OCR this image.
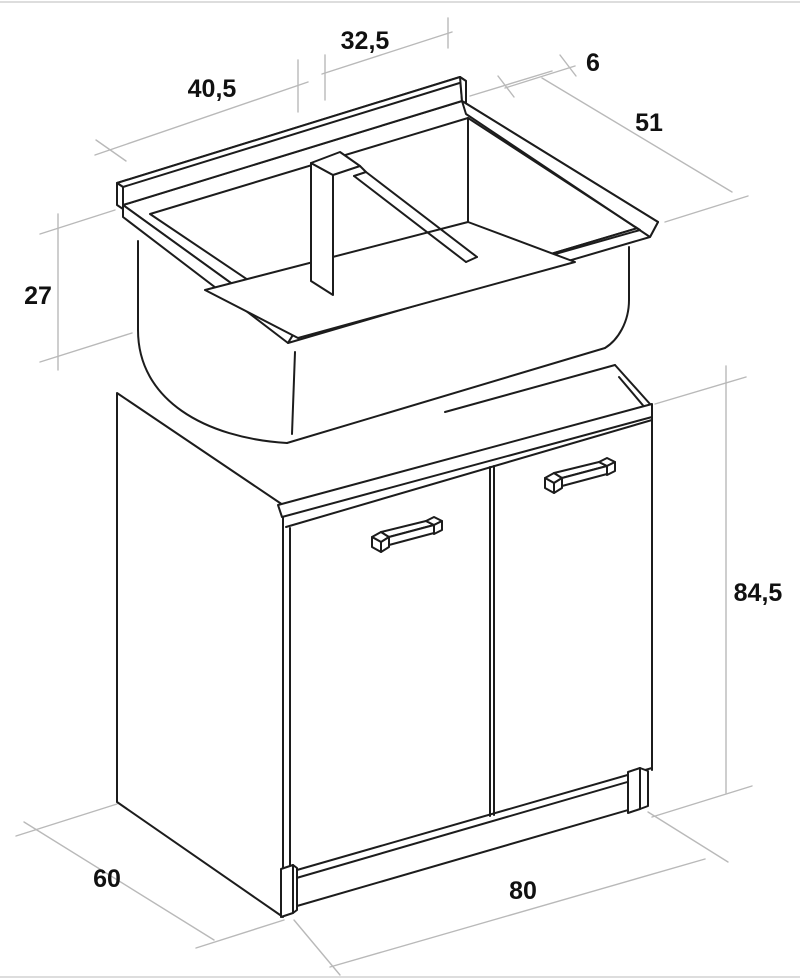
40,5
32,5
6
51
27
84,5
60	80
